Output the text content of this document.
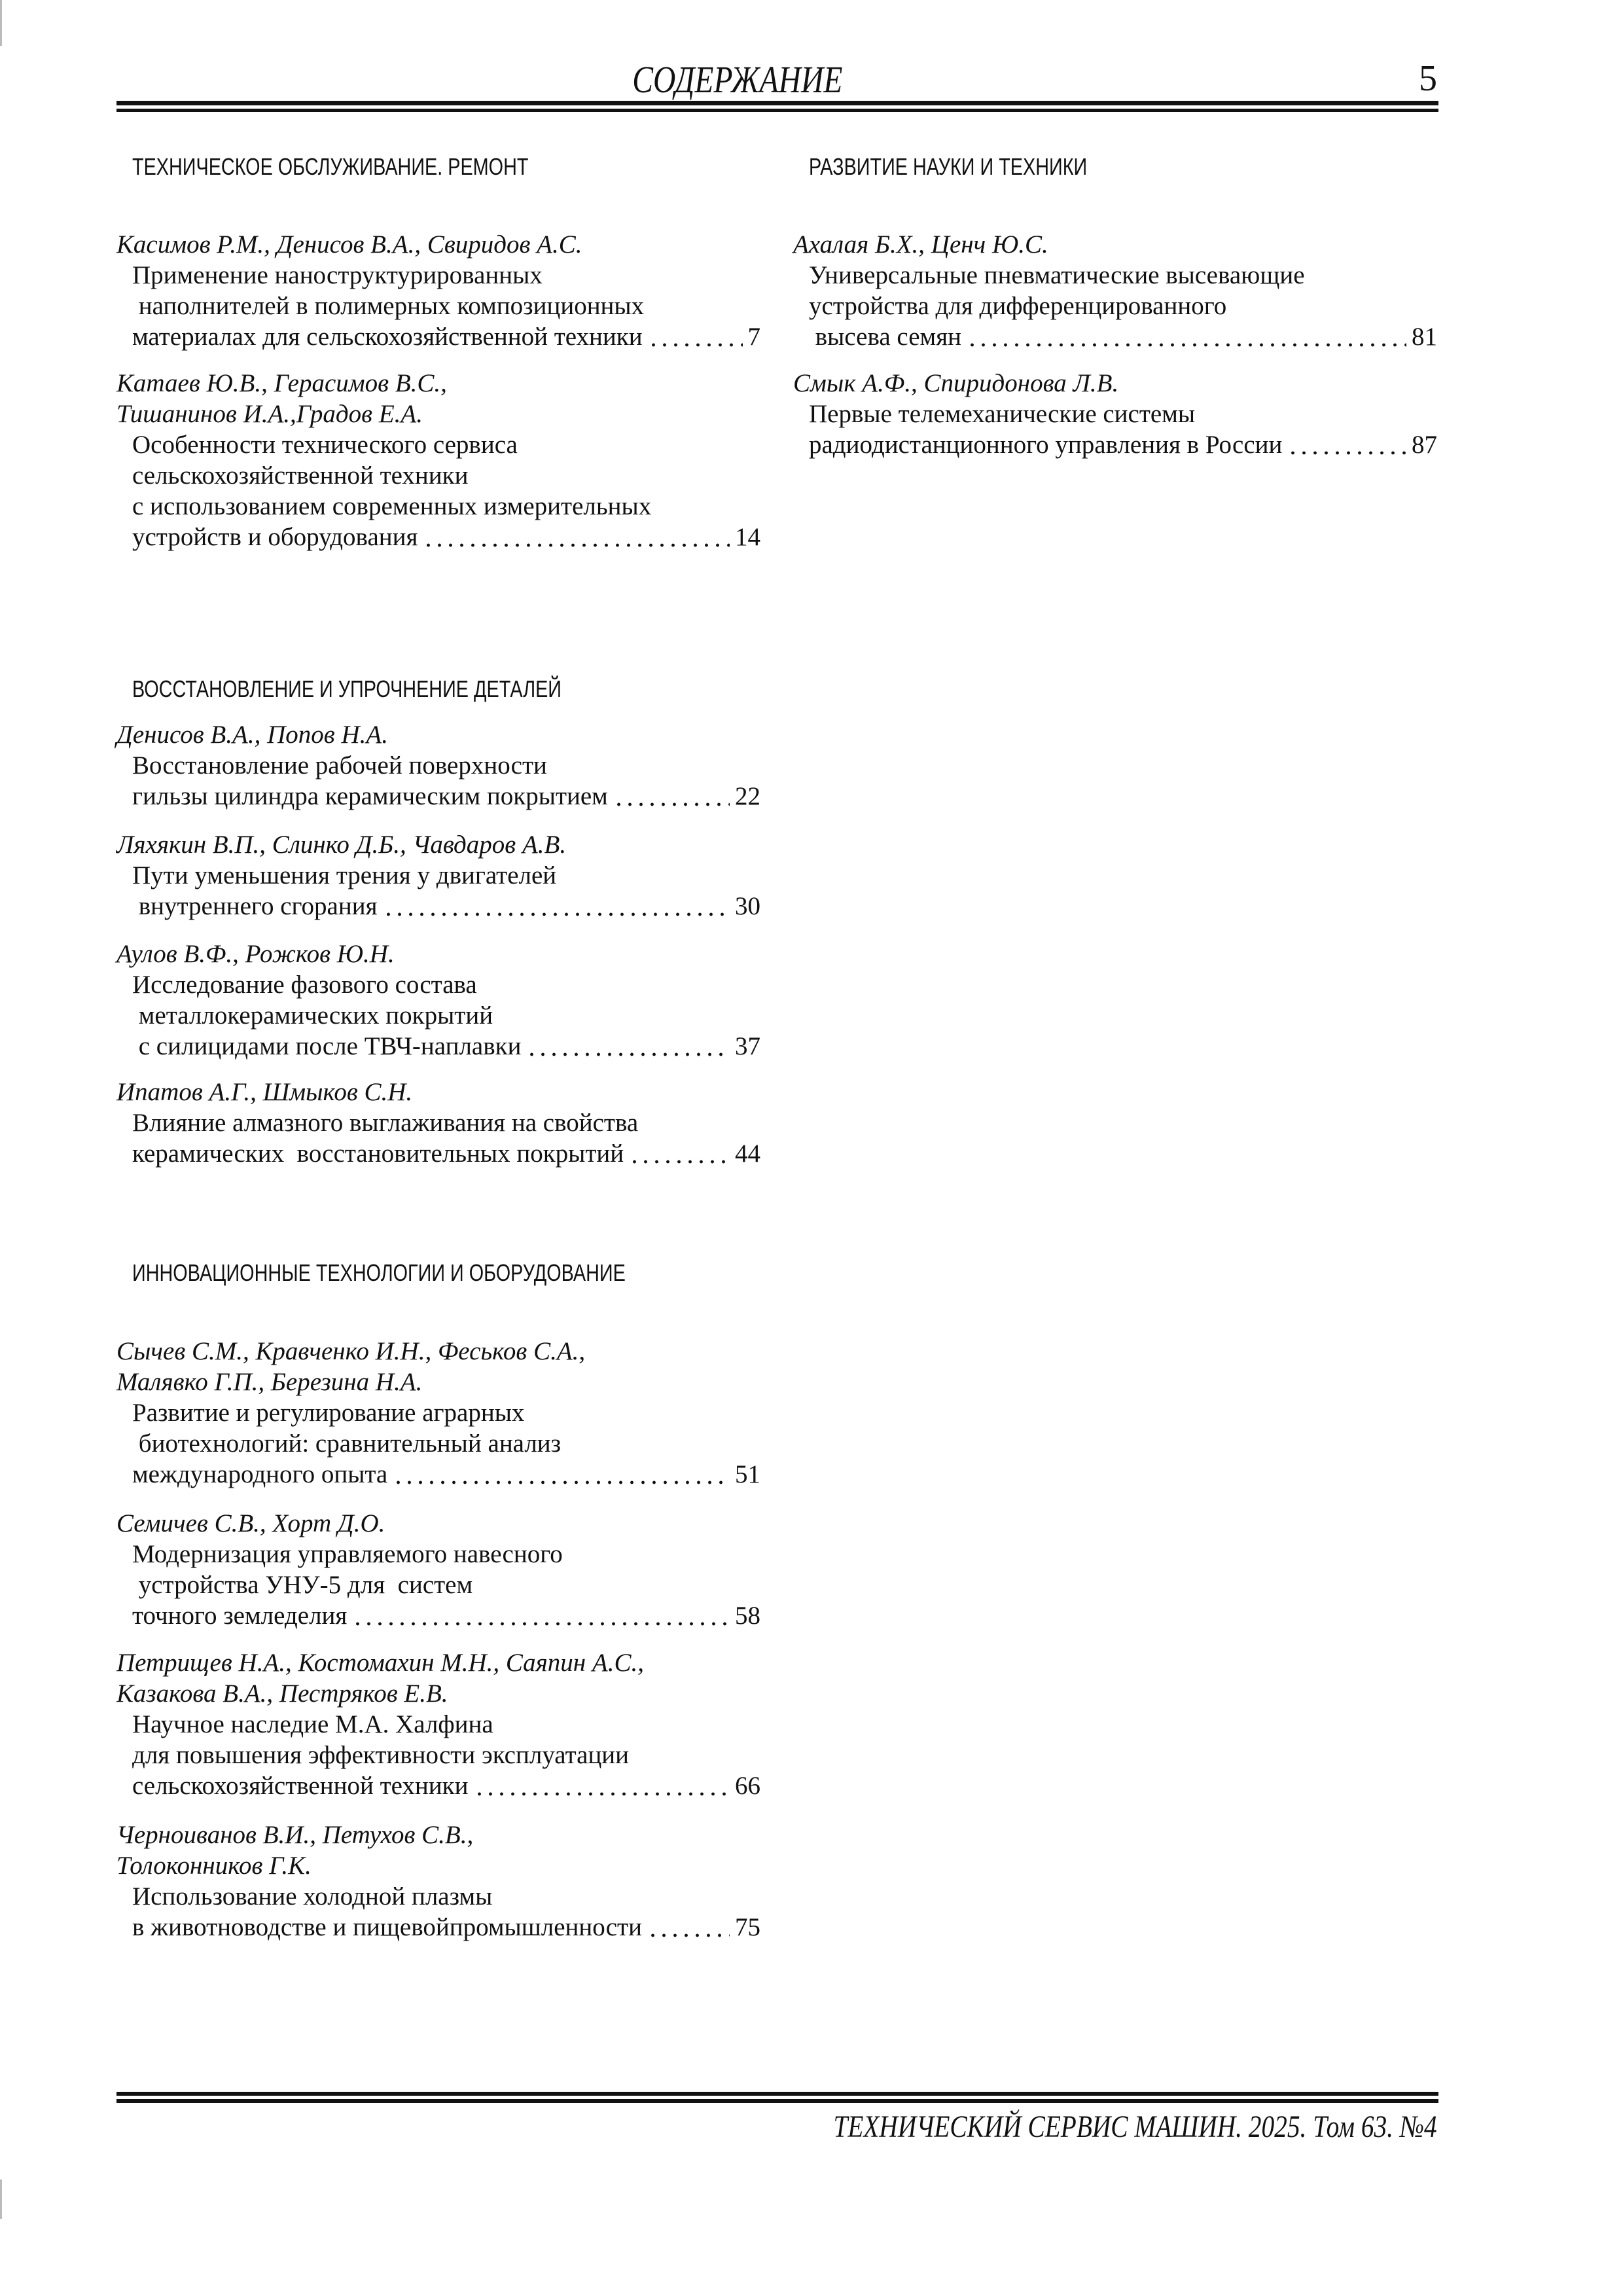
СОДЕРЖАНИЕ	5
ТЕХНИЧЕСКОЕ ОБСЛУЖИВАНИЕ. РЕМОНТ
Касимов Р.М., Денисов В.А., Свиридов А.С.
Применение наноструктурированных
наполнителей в полимерных композиционных
материалах для сельскохозяйственной техники	7
Катаев Ю.В., Герасимов В.С.,
Тишанинов И.А.,Градов Е.А.
Особенности технического сервиса
сельскохозяйственной техники
с использованием современных измерительных
устройств и оборудования	14
ВОССТАНОВЛЕНИЕ И УПРОЧНЕНИЕ ДЕТАЛЕЙ
Денисов В.А., Попов Н.А.
Восстановление рабочей поверхности
гильзы цилиндра керамическим покрытием	22
Ляхякин В.П., Слинко Д.Б., Чавдаров А.В.
Пути уменьшения трения у двигателей
внутреннего сгорания	30
Аулов В.Ф., Рожков Ю.Н.
Исследование фазового состава
металлокерамических покрытий
с силицидами после ТВЧ-наплавки	37
Ипатов А.Г., Шмыков С.Н.
Влияние алмазного выглаживания на свойства
керамических  восстановительных покрытий	44
ИННОВАЦИОННЫЕ ТЕХНОЛОГИИ И ОБОРУДОВАНИЕ
Сычев С.М., Кравченко И.Н., Феськов С.А.,
Малявко Г.П., Березина Н.А.
Развитие и регулирование аграрных
биотехнологий: сравнительный анализ
международного опыта	51
Семичев С.В., Хорт Д.О.
Модернизация управляемого навесного
устройства УНУ-5 для  систем
точного земледелия	58
Петрищев Н.А., Костомахин М.Н., Саяпин А.С.,
Казакова В.А., Пестряков Е.В.
Научное наследие М.А. Халфина
для повышения эффективности эксплуатации
сельскохозяйственной техники	66
Черноиванов В.И., Петухов С.В.,
Толоконников Г.К.
Использование холодной плазмы
в животноводстве и пищевойпромышленности	75
РАЗВИТИЕ НАУКИ И ТЕХНИКИ
Ахалая Б.Х., Ценч Ю.С.
Универсальные пневматические высевающие
устройства для дифференцированного
высева семян	81
Смык А.Ф., Спиридонова Л.В.
Первые телемеханические системы
радиодистанционного управления в России	87
ТЕХНИЧЕСКИЙ СЕРВИС МАШИН. 2025. Том 63. №4
